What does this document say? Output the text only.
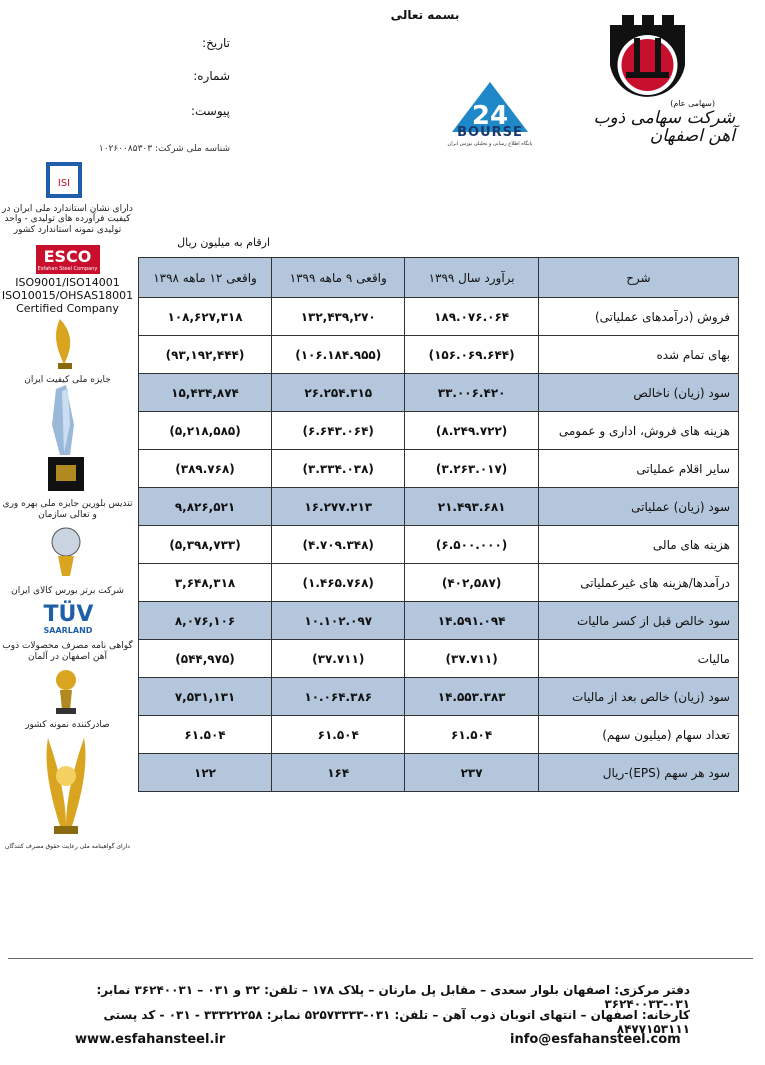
بسمه تعالی
تاریخ:
شماره:
پیوست:
شناسه ملی شرکت: ۱۰۲۶۰۰۸۵۳۰۳
(سهامی عام)
شرکت سهامی ذوب آهن اصفهان
24
BOURSE
پایگاه اطلاع رسانی و تحلیلی بورس ایران
ISI
دارای نشان استاندارد ملی ایران در کیفیت فرآورده های تولیدی - واحد تولیدی نمونه استاندارد کشور
ESCO
Esfahan Steel Company
ISO9001/ISO14001
ISO10015/OHSAS18001
Certified Company
جایزه ملی کیفیت ایران
تندیس بلورین جایزه ملی بهره وری و تعالی سازمان
شرکت برتر بورس کالای ایران
TÜV
SAARLAND
گواهی نامه مصرف محصولات ذوب آهن اصفهان در آلمان
صادرکننده نمونه کشور
دارای گواهینامه ملی رعایت حقوق مصرف کنندگان
ارقام به میلیون ریال
شرح	برآورد سال ۱۳۹۹	واقعی ۹ ماهه ۱۳۹۹	واقعی ۱۲ ماهه ۱۳۹۸
فروش (درآمدهای عملیاتی)	۱۸۹.۰۷۶.۰۶۴	۱۳۲,۴۳۹,۲۷۰	۱۰۸,۶۲۷,۳۱۸
بهای تمام شده	(۱۵۶.۰۶۹.۶۴۴)	(۱۰۶.۱۸۴.۹۵۵)	(۹۳,۱۹۲,۴۴۴)
سود (زیان) ناخالص	۳۳.۰۰۶.۴۲۰	۲۶.۲۵۴.۳۱۵	۱۵,۴۳۴,۸۷۴
هزینه های فروش، اداری و عمومی	(۸.۲۴۹.۷۲۲)	(۶.۶۴۳.۰۶۴)	(۵,۲۱۸,۵۸۵)
سایر اقلام عملیاتی	(۳.۲۶۳.۰۱۷)	(۳.۳۳۴.۰۳۸)	(۳۸۹.۷۶۸)
سود (زیان) عملیاتی	۲۱.۴۹۳.۶۸۱	۱۶.۲۷۷.۲۱۳	۹,۸۲۶,۵۲۱
هزینه های مالی	(۶.۵۰۰.۰۰۰)	(۴.۷۰۹.۳۴۸)	(۵,۳۹۸,۷۳۳)
درآمدها/هزینه های غیرعملیاتی	(۴۰۲,۵۸۷)	(۱.۴۶۵.۷۶۸)	۳,۶۴۸,۳۱۸
سود خالص قبل از کسر مالیات	۱۴.۵۹۱.۰۹۴	۱۰.۱۰۲.۰۹۷	۸,۰۷۶,۱۰۶
مالیات	(۳۷.۷۱۱)	(۳۷.۷۱۱)	(۵۴۴,۹۷۵)
سود (زیان) خالص بعد از مالیات	۱۴.۵۵۳.۳۸۳	۱۰.۰۶۴.۳۸۶	۷,۵۳۱,۱۳۱
تعداد سهام (میلیون سهم)	۶۱.۵۰۴	۶۱.۵۰۴	۶۱.۵۰۴
سود هر سهم (EPS)-ریال	۲۳۷	۱۶۴	۱۲۲
دفتر مرکزی: اصفهان بلوار سعدی – مقابل پل مارنان – پلاک ۱۷۸ – تلفن: ۳۲ و ۰۳۱ – ۳۶۲۴۰۰۳۱ نمابر: ۰۳۱-۳۶۲۴۰۰۳۳
کارخانه: اصفهان – انتهای اتوبان ذوب آهن – تلفن: ۰۳۱-۵۲۵۷۳۳۳۳ نمابر: ۳۳۳۲۲۲۵۸ - ۰۳۱ - کد پستی ۸۴۷۷۱۵۳۱۱۱
www.esfahansteel.ir	info@esfahansteel.com
